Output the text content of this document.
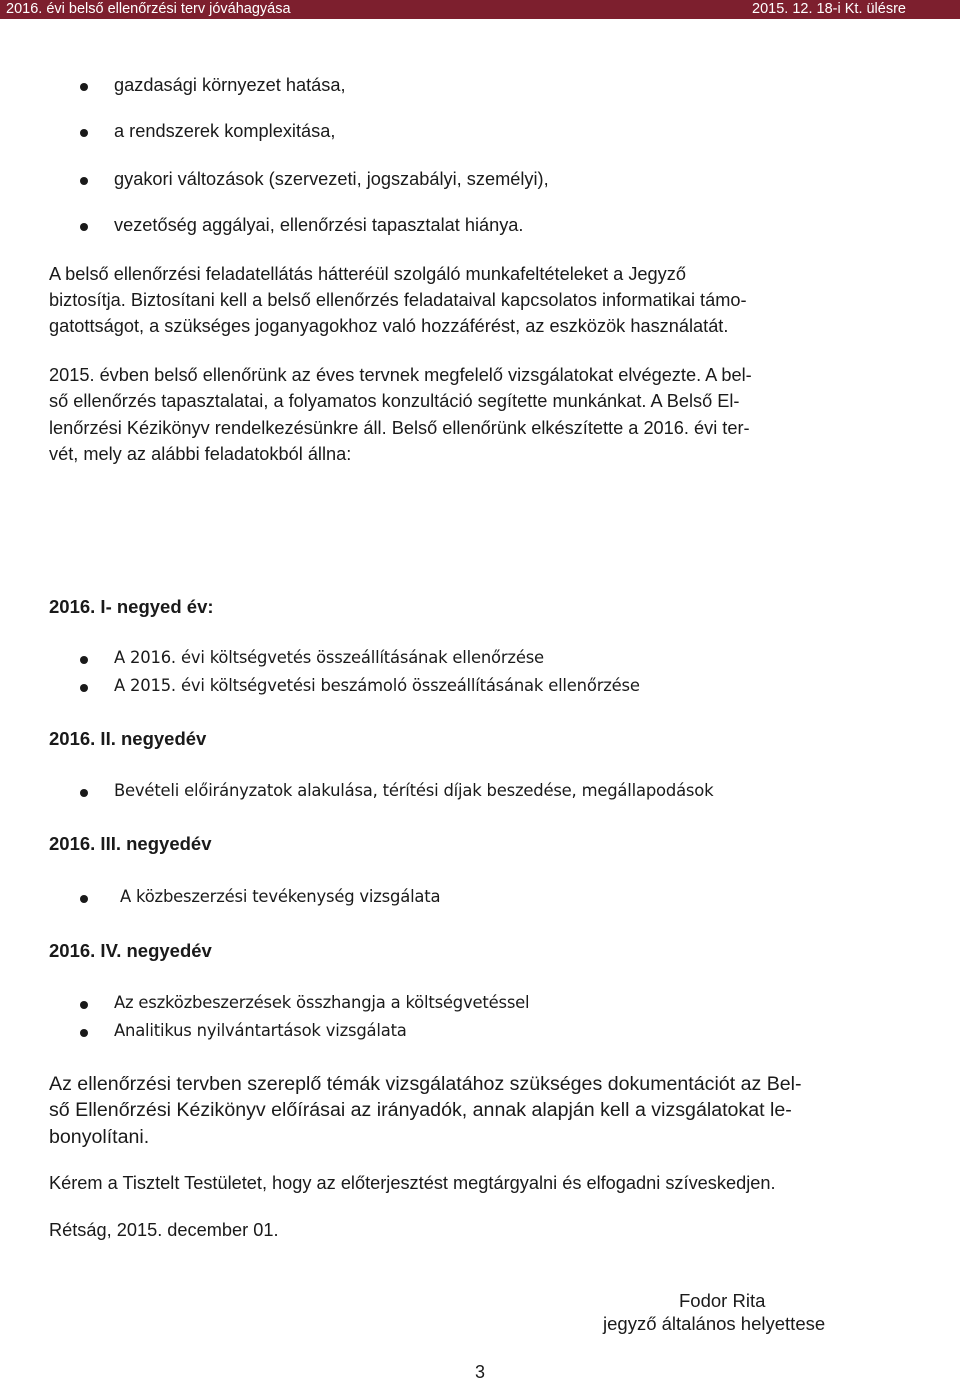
2016. évi belső ellenőrzési terv jóváhagyása	2015. 12. 18-i Kt. ülésre
gazdasági környezet hatása,
a rendszerek komplexitása,
gyakori változások (szervezeti, jogszabályi, személyi),
vezetőség aggályai, ellenőrzési tapasztalat hiánya.
A belső ellenőrzési feladatellátás hátteréül szolgáló munkafeltételeket a Jegyző
biztosítja. Biztosítani kell a belső ellenőrzés feladataival kapcsolatos informatikai támo-
gatottságot, a szükséges joganyagokhoz való hozzáférést, az eszközök használatát.
2015. évben belső ellenőrünk az éves tervnek megfelelő vizsgálatokat elvégezte. A bel-
ső ellenőrzés tapasztalatai, a folyamatos konzultáció segítette munkánkat. A Belső El-
lenőrzési Kézikönyv rendelkezésünkre áll. Belső ellenőrünk elkészítette a 2016. évi ter-
vét, mely az alábbi feladatokból állna:
2016. I- negyed év:
A 2016. évi költségvetés összeállításának ellenőrzése
A 2015. évi költségvetési beszámoló összeállításának ellenőrzése
2016. II. negyedév
Bevételi előirányzatok alakulása, térítési díjak beszedése, megállapodások
2016. III. negyedév
A közbeszerzési tevékenység vizsgálata
2016. IV. negyedév
Az eszközbeszerzések összhangja a költségvetéssel
Analitikus nyilvántartások vizsgálata
Az ellenőrzési tervben szereplő témák vizsgálatához szükséges dokumentációt az Bel-
ső Ellenőrzési Kézikönyv előírásai az irányadók, annak alapján kell a vizsgálatokat le-
bonyolítani.
Kérem a Tisztelt Testületet, hogy az előterjesztést megtárgyalni és elfogadni szíveskedjen.
Rétság, 2015. december 01.
Fodor Rita
jegyző általános helyettese
3
